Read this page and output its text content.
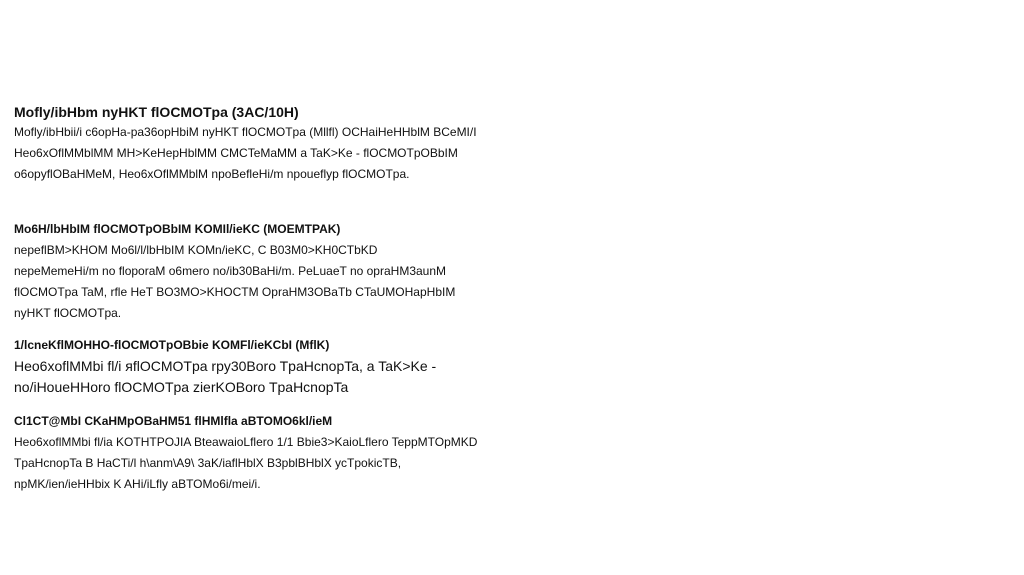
Mofly/ibHbm nyHKT flOCMOTpa (3AC/10H)

Mofly/ibHbii/i c6opHa-pa36opHbiM nyHKT flOCMOTpa (Mllfl) OCHaiHeHHblM BCeMI/I

Heo6xOflMMblMM MH>KeHepHblMM CMCTeMaMM a TaK>Ke - flOCMOTpOBbIM

o6opyflOBaHMeM, Heo6xOflMMblM npoBefleHi/m npoueflyp flOCMOTpa.

Mo6H/lbHbIM flOCMOTpOBbIM KOMIl/ieKC (MOEMTPAK)

nepeflBM>KHOM Mo6l/l/lbHbIM KOMn/ieKC, C B03M0>KH0CTbKD

nepeMemeHi/m no floporaM o6mero no/ib30BaHi/m. PeLuaeT no opraHM3aunM

flOCMOTpa TaM, rfle HeT BO3MO>KHOCTM OpraHM3OBaTb CTaUMOHapHbIM

nyHKT flOCMOTpa.

1/lcneKflMOHHO-flOCMOTpOBbie KOMFl/ieKCbI (MflK)

Heo6xoflMMbi fl/i яflOCMOTpa rpy30Boro TpaHcnopTa, a TaK>Ke -

no/iHoueHHoro flOCMOTpa zierKOBoro TpaHcnopTa

Cl1CT@MbI CKaHMpOBaHM51 flHMlfla aBTOMO6kl/ieM

Heo6xoflMMbi fl/ia KOTHTPOJIA BteawaioLflero 1/1 Bbie3>KaioLflero TeppMTOpMKD

TpaHcnopTa B HaCTi/l h\anm\A9\ 3aK/iaflHblX B3pblBHblX ycTpokicTB,

npMK/ien/ieHHbix K AHi/iLfly aBTOMo6i/mei/i.
